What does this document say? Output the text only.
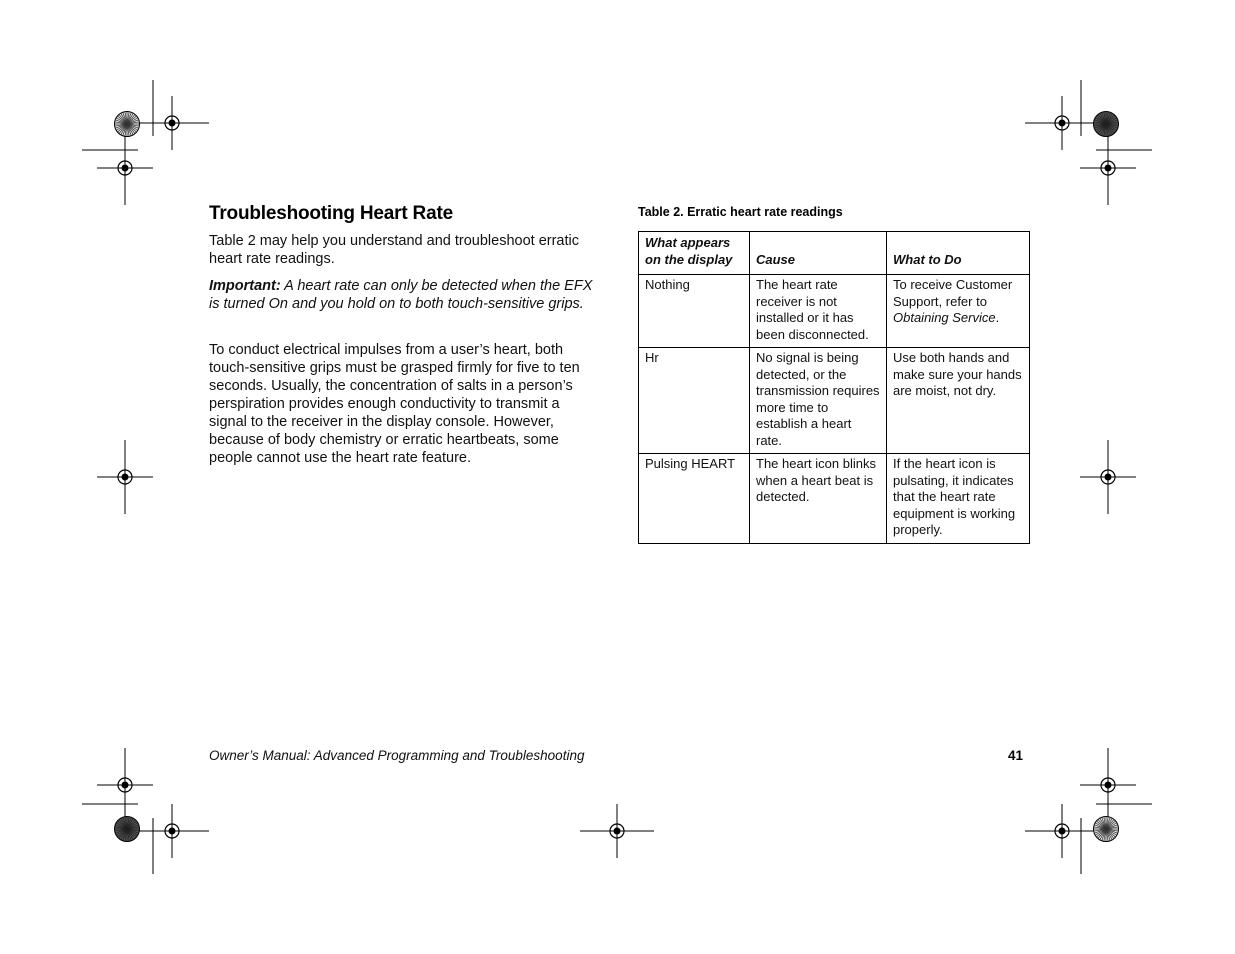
Troubleshooting Heart Rate

Table 2 may help you understand and troubleshoot erratic heart rate readings.

Important: A heart rate can only be detected when the EFX is turned On and you hold on to both touch-sensitive grips.

To conduct electrical impulses from a user’s heart, both touch-sensitive grips must be grasped firmly for five to ten seconds. Usually, the concentration of salts in a person’s perspiration provides enough conductivity to transmit a signal to the receiver in the display console. However, because of body chemistry or erratic heartbeats, some people cannot use the heart rate feature.

Table 2. Erratic heart rate readings

What appears on the display	Cause	What to Do
Nothing	The heart rate receiver is not installed or it has been disconnected.	To receive Customer Support, refer to Obtaining Service.
Hr	No signal is being detected, or the transmission requires more time to establish a heart rate.	Use both hands and make sure your hands are moist, not dry.
Pulsing HEART	The heart icon blinks when a heart beat is detected.	If the heart icon is pulsating, it indicates that the heart rate equipment is working properly.

Owner’s Manual: Advanced Programming and Troubleshooting	41
